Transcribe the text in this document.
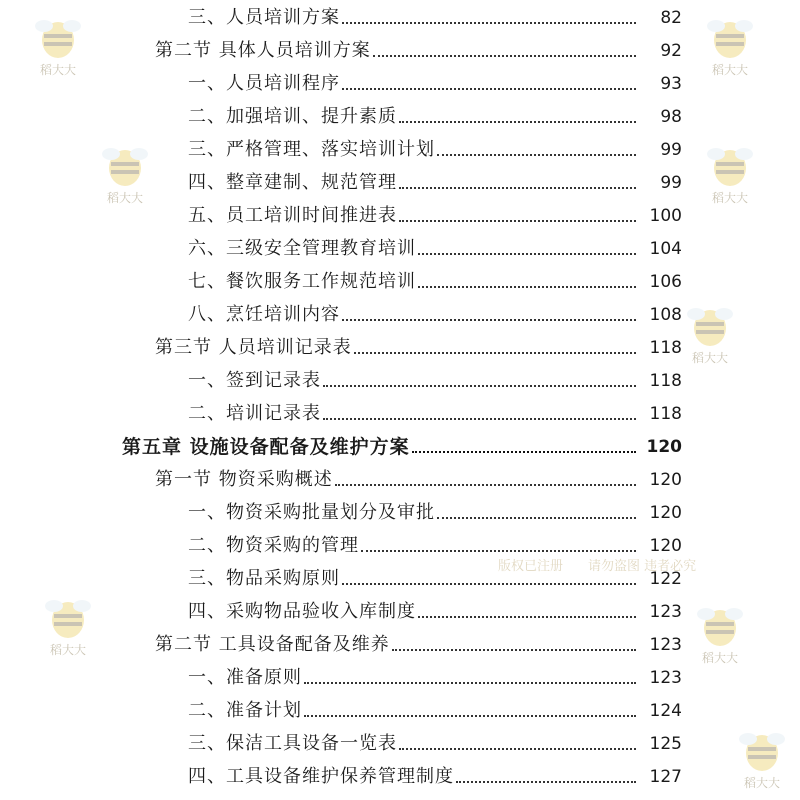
三、人员培训方案	82
第二节 具体人员培训方案	92
一、人员培训程序	93
二、加强培训、提升素质	98
三、严格管理、落实培训计划	99
四、整章建制、规范管理	99
五、员工培训时间推进表	100
六、三级安全管理教育培训	104
七、餐饮服务工作规范培训	106
八、烹饪培训内容	108
第三节 人员培训记录表	118
一、签到记录表	118
二、培训记录表	118
第五章 设施设备配备及维护方案	120
第一节 物资采购概述	120
一、物资采购批量划分及审批	120
二、物资采购的管理	120
三、物品采购原则	122
四、采购物品验收入库制度	123
第二节 工具设备配备及维养	123
一、准备原则	123
二、准备计划	124
三、保洁工具设备一览表	125
四、工具设备维护保养管理制度	127
稻大大	稻大大
稻大大	稻大大
稻大大
稻大大
稻大大
稻大大
版权已注册 请勿盗图 违者必究
